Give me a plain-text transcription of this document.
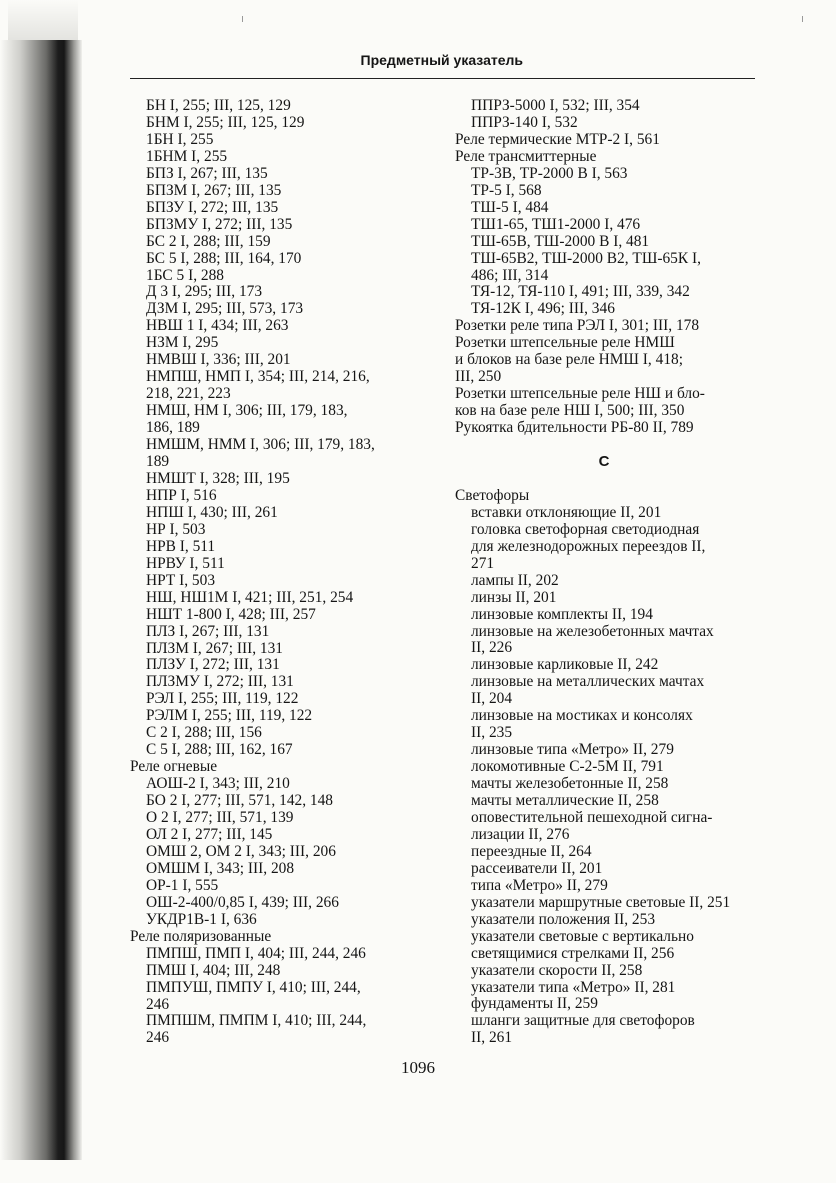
Предметный указатель
БН I, 255; III, 125, 129
БНМ I, 255; III, 125, 129
1БН I, 255
1БНМ I, 255
БПЗ I, 267; III, 135
БПЗМ I, 267; III, 135
БПЗУ I, 272; III, 135
БПЗМУ I, 272; III, 135
БС 2 I, 288; III, 159
БС 5 I, 288; III, 164, 170
1БС 5 I, 288
Д 3 I, 295; III, 173
ДЗМ I, 295; III, 573, 173
НВШ 1 I, 434; III, 263
НЗМ I, 295
НМВШ I, 336; III, 201
НМПШ, НМП I, 354; III, 214, 216,
218, 221, 223
НМШ, НМ I, 306; III, 179, 183,
186, 189
НМШМ, НММ I, 306; III, 179, 183,
189
НМШТ I, 328; III, 195
НПР I, 516
НПШ I, 430; III, 261
НР I, 503
НРВ I, 511
НРВУ I, 511
НРТ I, 503
НШ, НШ1М I, 421; III, 251, 254
НШТ 1-800 I, 428; III, 257
ПЛЗ I, 267; III, 131
ПЛЗМ I, 267; III, 131
ПЛЗУ I, 272; III, 131
ПЛЗМУ I, 272; III, 131
РЭЛ I, 255; III, 119, 122
РЭЛМ I, 255; III, 119, 122
С 2 I, 288; III, 156
С 5 I, 288; III, 162, 167
Реле огневые
АОШ-2 I, 343; III, 210
БО 2 I, 277; III, 571, 142, 148
О 2 I, 277; III, 571, 139
ОЛ 2 I, 277; III, 145
ОМШ 2, ОМ 2 I, 343; III, 206
ОМШМ I, 343; III, 208
ОР-1 I, 555
ОШ-2-400/0,85 I, 439; III, 266
УКДР1В-1 I, 636
Реле поляризованные
ПМПШ, ПМП I, 404; III, 244, 246
ПМШ I, 404; III, 248
ПМПУШ, ПМПУ I, 410; III, 244,
246
ПМПШМ, ПМПМ I, 410; III, 244,
246
ППРЗ-5000 I, 532; III, 354
ППРЗ-140 I, 532
Реле термические МТР-2 I, 561
Реле трансмиттерные
ТР-3В, ТР-2000 В I, 563
ТР-5 I, 568
ТШ-5 I, 484
ТШ1-65, ТШ1-2000 I, 476
ТШ-65В, ТШ-2000 В I, 481
ТШ-65В2, ТШ-2000 В2, ТШ-65К I,
486; III, 314
ТЯ-12, ТЯ-110 I, 491; III, 339, 342
ТЯ-12К I, 496; III, 346
Розетки реле типа РЭЛ I, 301; III, 178
Розетки штепсельные реле НМШ
и блоков на базе реле НМШ I, 418;
III, 250
Розетки штепсельные реле НШ и бло-
ков на базе реле НШ I, 500; III, 350
Рукоятка бдительности РБ-80 II, 789
С
Светофоры
вставки отклоняющие II, 201
головка светофорная светодиодная
для железнодорожных переездов II,
271
лампы II, 202
линзы II, 201
линзовые комплекты II, 194
линзовые на железобетонных мачтах
II, 226
линзовые карликовые II, 242
линзовые на металлических мачтах
II, 204
линзовые на мостиках и консолях
II, 235
линзовые типа «Метро» II, 279
локомотивные С-2-5М II, 791
мачты железобетонные II, 258
мачты металлические II, 258
оповестительной пешеходной сигна-
лизации II, 276
переездные II, 264
рассеиватели II, 201
типа «Метро» II, 279
указатели маршрутные световые II, 251
указатели положения II, 253
указатели световые с вертикально
светящимися стрелками II, 256
указатели скорости II, 258
указатели типа «Метро» II, 281
фундаменты II, 259
шланги защитные для светофоров
II, 261
1096
